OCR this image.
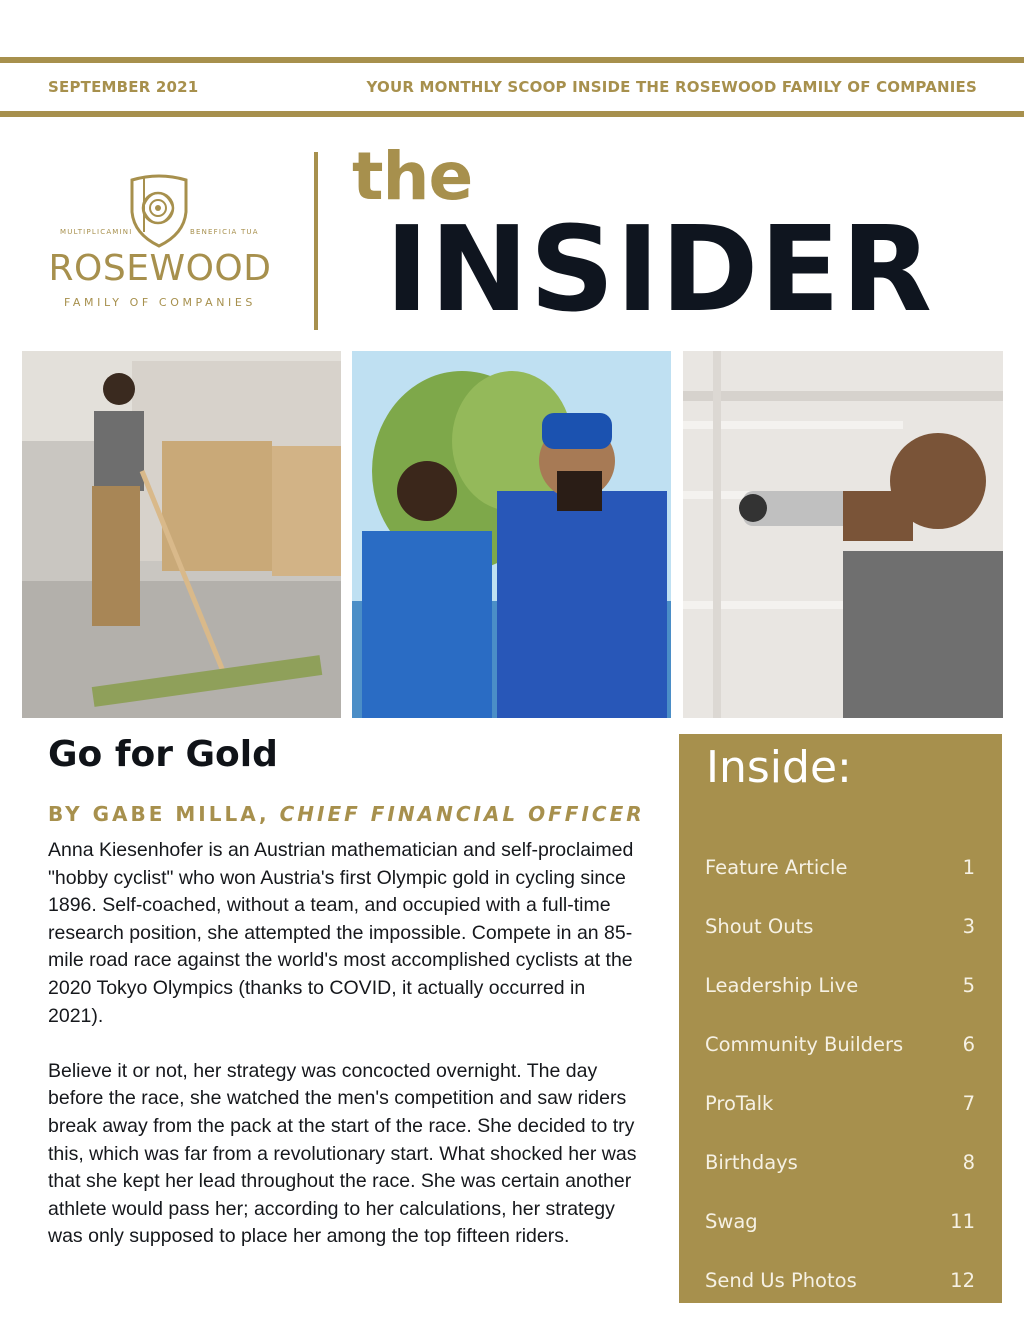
SEPTEMBER 2021	YOUR MONTHLY SCOOP INSIDE THE ROSEWOOD FAMILY OF COMPANIES
MULTIPLICAMINI	BENEFICIA TUA
ROSEWOOD
FAMILY OF COMPANIES
the
INSIDER
Go for Gold
BY GABE MILLA, CHIEF FINANCIAL OFFICER

Anna Kiesenhofer is an Austrian mathematician and self-proclaimed "hobby cyclist" who won Austria's first Olympic gold in cycling since 1896. Self-coached, without a team, and occupied with a full-time research position, she attempted the impossible. Compete in an 85-mile road race against the world's most accomplished cyclists at the 2020 Tokyo Olympics (thanks to COVID, it actually occurred in 2021).

Believe it or not, her strategy was concocted overnight. The day before the race, she watched the men's competition and saw riders break away from the pack at the start of the race. She decided to try this, which was far from a revolutionary start. What shocked her was that she kept her lead throughout the race. She was certain another athlete would pass her; according to her calculations, her strategy was only supposed to place her among the top fifteen riders.

Inside:
Feature Article	1
Shout Outs	3
Leadership Live	5
Community Builders	6
ProTalk	7
Birthdays	8
Swag	11
Send Us Photos	12
